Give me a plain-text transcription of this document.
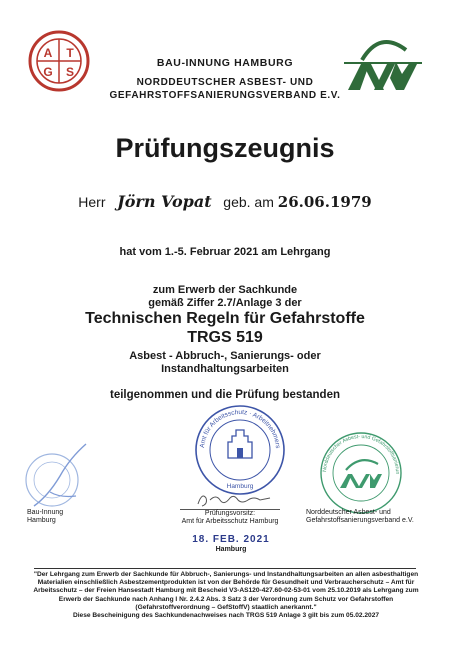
A T
G S
BAU-INNUNG HAMBURG
NORDDEUTSCHER ASBEST- UND
GEFAHRSTOFFSANIERUNGSVERBAND E.V.
Prüfungszeugnis
Herr Jörn Vopat geb. am 26.06.1979
hat vom 1.-5. Februar 2021 am Lehrgang
zum Erwerb der Sachkunde
gemäß Ziffer 2.7/Anlage 3 der
Technischen Regeln für Gefahrstoffe
TRGS 519
Asbest - Abbruch-, Sanierungs- oder
Instandhaltungsarbeiten
teilgenommen und die Prüfung bestanden
Amt für Arbeitsschutz · Arbeitnehmers
Hamburg
Norddeutscher Asbest- und Gefahrstoffsanierun
Bau-Innung
Hamburg
Prüfungsvorsitz:
Amt für Arbeitsschutz Hamburg
Norddeutscher Asbest- und
Gefahrstoffsanierungsverband e.V.
18. FEB. 2021
Hamburg
"Der Lehrgang zum Erwerb der Sachkunde für Abbruch-, Sanierungs- und Instandhaltungsarbeiten an allen asbesthaltigen
Materialien einschließlich Asbestzementprodukten ist von der Behörde für Gesundheit und Verbraucherschutz – Amt für
Arbeitsschutz – der Freien Hansestadt Hamburg mit Bescheid V3-AS120-427.60-02-53-01 vom 25.10.2019 als Lehrgang zum
Erwerb der Sachkunde nach Anhang I Nr. 2.4.2 Abs. 3 Satz 3 der Verordnung zum Schutz vor Gefahrstoffen
(Gefahrstoffverordnung – GefStoffV) staatlich anerkannt."
Diese Bescheinigung des Sachkundenachweises nach TRGS 519 Anlage 3 gilt bis zum 05.02.2027
